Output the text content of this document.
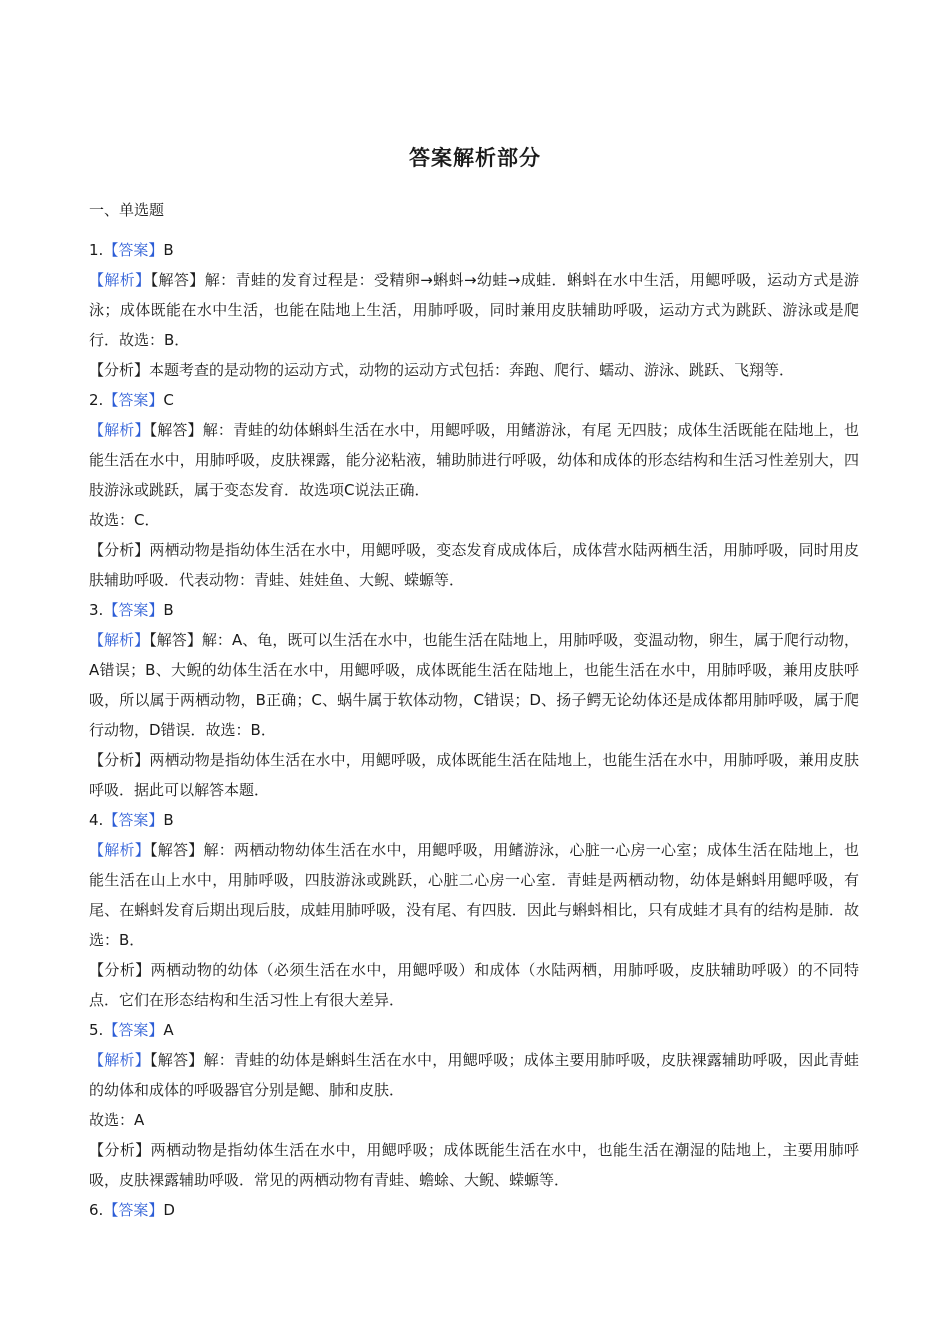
答案解析部分
一、单选题
1.【答案】B
【解析】【解答】解：青蛙的发育过程是：受精卵→蝌蚪→幼蛙→成蛙．蝌蚪在水中生活，用鳃呼吸，运动方式是游泳；成体既能在水中生活，也能在陆地上生活，用肺呼吸，同时兼用皮肤辅助呼吸，运动方式为跳跃、游泳或是爬行．故选：B．
【分析】本题考查的是动物的运动方式，动物的运动方式包括：奔跑、爬行、蠕动、游泳、跳跃、飞翔等．
2.【答案】C
【解析】【解答】解：青蛙的幼体蝌蚪生活在水中，用鳃呼吸，用鳍游泳，有尾 无四肢；成体生活既能在陆地上，也能生活在水中，用肺呼吸，皮肤裸露，能分泌粘液，辅助肺进行呼吸，幼体和成体的形态结构和生活习性差别大，四肢游泳或跳跃，属于变态发育．故选项C说法正确．
故选：C．
【分析】两栖动物是指幼体生活在水中，用鳃呼吸，变态发育成成体后，成体营水陆两栖生活，用肺呼吸，同时用皮肤辅助呼吸．代表动物：青蛙、娃娃鱼、大鲵、蝾螈等．
3.【答案】B
【解析】【解答】解：A、龟，既可以生活在水中，也能生活在陆地上，用肺呼吸，变温动物，卵生，属于爬行动物，A错误；B、大鲵的幼体生活在水中，用鳃呼吸，成体既能生活在陆地上，也能生活在水中，用肺呼吸，兼用皮肤呼吸，所以属于两栖动物，B正确；C、蜗牛属于软体动物，C错误；D、扬子鳄无论幼体还是成体都用肺呼吸，属于爬行动物，D错误．故选：B．
【分析】两栖动物是指幼体生活在水中，用鳃呼吸，成体既能生活在陆地上，也能生活在水中，用肺呼吸，兼用皮肤呼吸．据此可以解答本题．
4.【答案】B
【解析】【解答】解：两栖动物幼体生活在水中，用鳃呼吸，用鳍游泳，心脏一心房一心室；成体生活在陆地上，也能生活在山上水中，用肺呼吸，四肢游泳或跳跃，心脏二心房一心室．青蛙是两栖动物，幼体是蝌蚪用鳃呼吸，有尾、在蝌蚪发育后期出现后肢，成蛙用肺呼吸，没有尾、有四肢．因此与蝌蚪相比，只有成蛙才具有的结构是肺．故选：B．
【分析】两栖动物的幼体（必须生活在水中，用鳃呼吸）和成体（水陆两栖，用肺呼吸，皮肤辅助呼吸）的不同特点．它们在形态结构和生活习性上有很大差异．
5.【答案】A
【解析】【解答】解：青蛙的幼体是蝌蚪生活在水中，用鳃呼吸；成体主要用肺呼吸，皮肤裸露辅助呼吸，因此青蛙的幼体和成体的呼吸器官分别是鳃、肺和皮肤．
故选：A
【分析】两栖动物是指幼体生活在水中，用鳃呼吸；成体既能生活在水中，也能生活在潮湿的陆地上，主要用肺呼吸，皮肤裸露辅助呼吸．常见的两栖动物有青蛙、蟾蜍、大鲵、蝾螈等．
6.【答案】D
